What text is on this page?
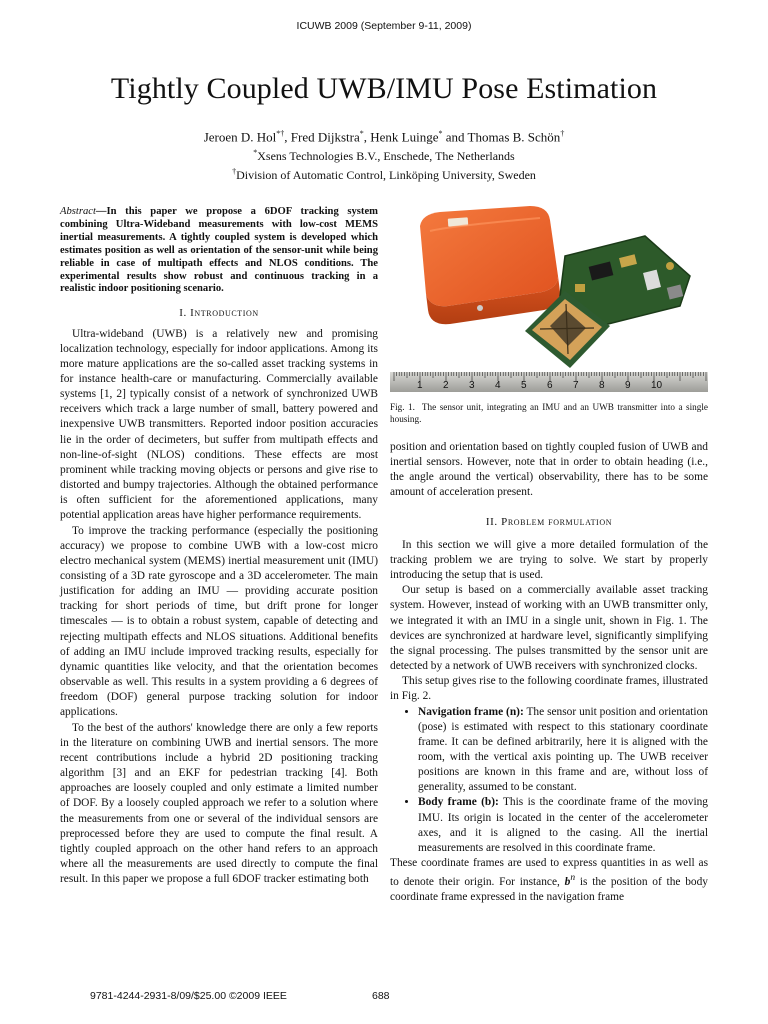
ICUWB 2009 (September 9-11, 2009)
Tightly Coupled UWB/IMU Pose Estimation
Jeroen D. Hol*†, Fred Dijkstra*, Henk Luinge* and Thomas B. Schön†
*Xsens Technologies B.V., Enschede, The Netherlands
†Division of Automatic Control, Linköping University, Sweden
Abstract—In this paper we propose a 6DOF tracking system combining Ultra-Wideband measurements with low-cost MEMS inertial measurements. A tightly coupled system is developed which estimates position as well as orientation of the sensor-unit while being reliable in case of multipath effects and NLOS conditions. The experimental results show robust and continuous tracking in a realistic indoor positioning scenario.
I. Introduction

Ultra-wideband (UWB) is a relatively new and promising localization technology, especially for indoor applications. Among its more mature applications are the so-called asset tracking systems in for instance health-care or manufacturing. Commercially available systems [1, 2] typically consist of a network of synchronized UWB receivers which track a large number of small, battery powered and inexpensive UWB transmitters. Reported indoor position accuracies lie in the order of decimeters, but suffer from multipath effects and non-line-of-sight (NLOS) conditions. These effects are most prominent while tracking moving objects or persons and give rise to distorted and bumpy trajectories. Although the obtained performance is often sufficient for the aforementioned applications, many potential application areas have higher performance requirements.

To improve the tracking performance (especially the positioning accuracy) we propose to combine UWB with a low-cost micro electro mechanical system (MEMS) inertial measurement unit (IMU) consisting of a 3D rate gyroscope and a 3D accelerometer. The main justification for adding an IMU — providing accurate position tracking for short periods of time, but drift prone for longer timescales — is to obtain a robust system, capable of detecting and rejecting multipath effects and NLOS situations. Additional benefits of adding an IMU include improved tracking results, especially for dynamic quantities like velocity, and that the orientation becomes observable as well. This results in a system providing a 6 degrees of freedom (DOF) general purpose tracking solution for indoor applications.

To the best of the authors' knowledge there are only a few reports in the literature on combining UWB and inertial sensors. The more recent contributions include a hybrid 2D positioning tracking algorithm [3] and an EKF for pedestrian tracking [4]. Both approaches are loosely coupled and only estimate a limited number of DOF. By a loosely coupled approach we refer to a solution where the measurements from one or several of the individual sensors are preprocessed before they are used to compute the final result. A tightly coupled approach on the other hand refers to an approach where all the measurements are used directly to compute the final result. In this paper we propose a full 6DOF tracker estimating both

1 2 3 4 5 6 7 8 9 10
Fig. 1. The sensor unit, integrating an IMU and an UWB transmitter into a single housing.

position and orientation based on tightly coupled fusion of UWB and inertial sensors. However, note that in order to obtain heading (i.e., the angle around the vertical) observability, there has to be some amount of acceleration present.

II. Problem formulation

In this section we will give a more detailed formulation of the tracking problem we are trying to solve. We start by properly introducing the setup that is used.

Our setup is based on a commercially available asset tracking system. However, instead of working with an UWB transmitter only, we integrated it with an IMU in a single unit, shown in Fig. 1. The devices are synchronized at hardware level, significantly simplifying the signal processing. The pulses transmitted by the sensor unit are detected by a network of UWB receivers with synchronized clocks.

This setup gives rise to the following coordinate frames, illustrated in Fig. 2.

• Navigation frame (n): The sensor unit position and orientation (pose) is estimated with respect to this stationary coordinate frame. It can be defined arbitrarily, here it is aligned with the room, with the vertical axis pointing up. The UWB receiver positions are known in this frame and are, without loss of generality, assumed to be constant.
• Body frame (b): This is the coordinate frame of the moving IMU. Its origin is located in the center of the accelerometer axes, and it is aligned to the casing. All the inertial measurements are resolved in this coordinate frame.

These coordinate frames are used to express quantities in as well as to denote their origin. For instance, $b^n$ is the position of the body coordinate frame expressed in the navigation frame

9781-4244-2931-8/09/$25.00 ©2009 IEEE	688
